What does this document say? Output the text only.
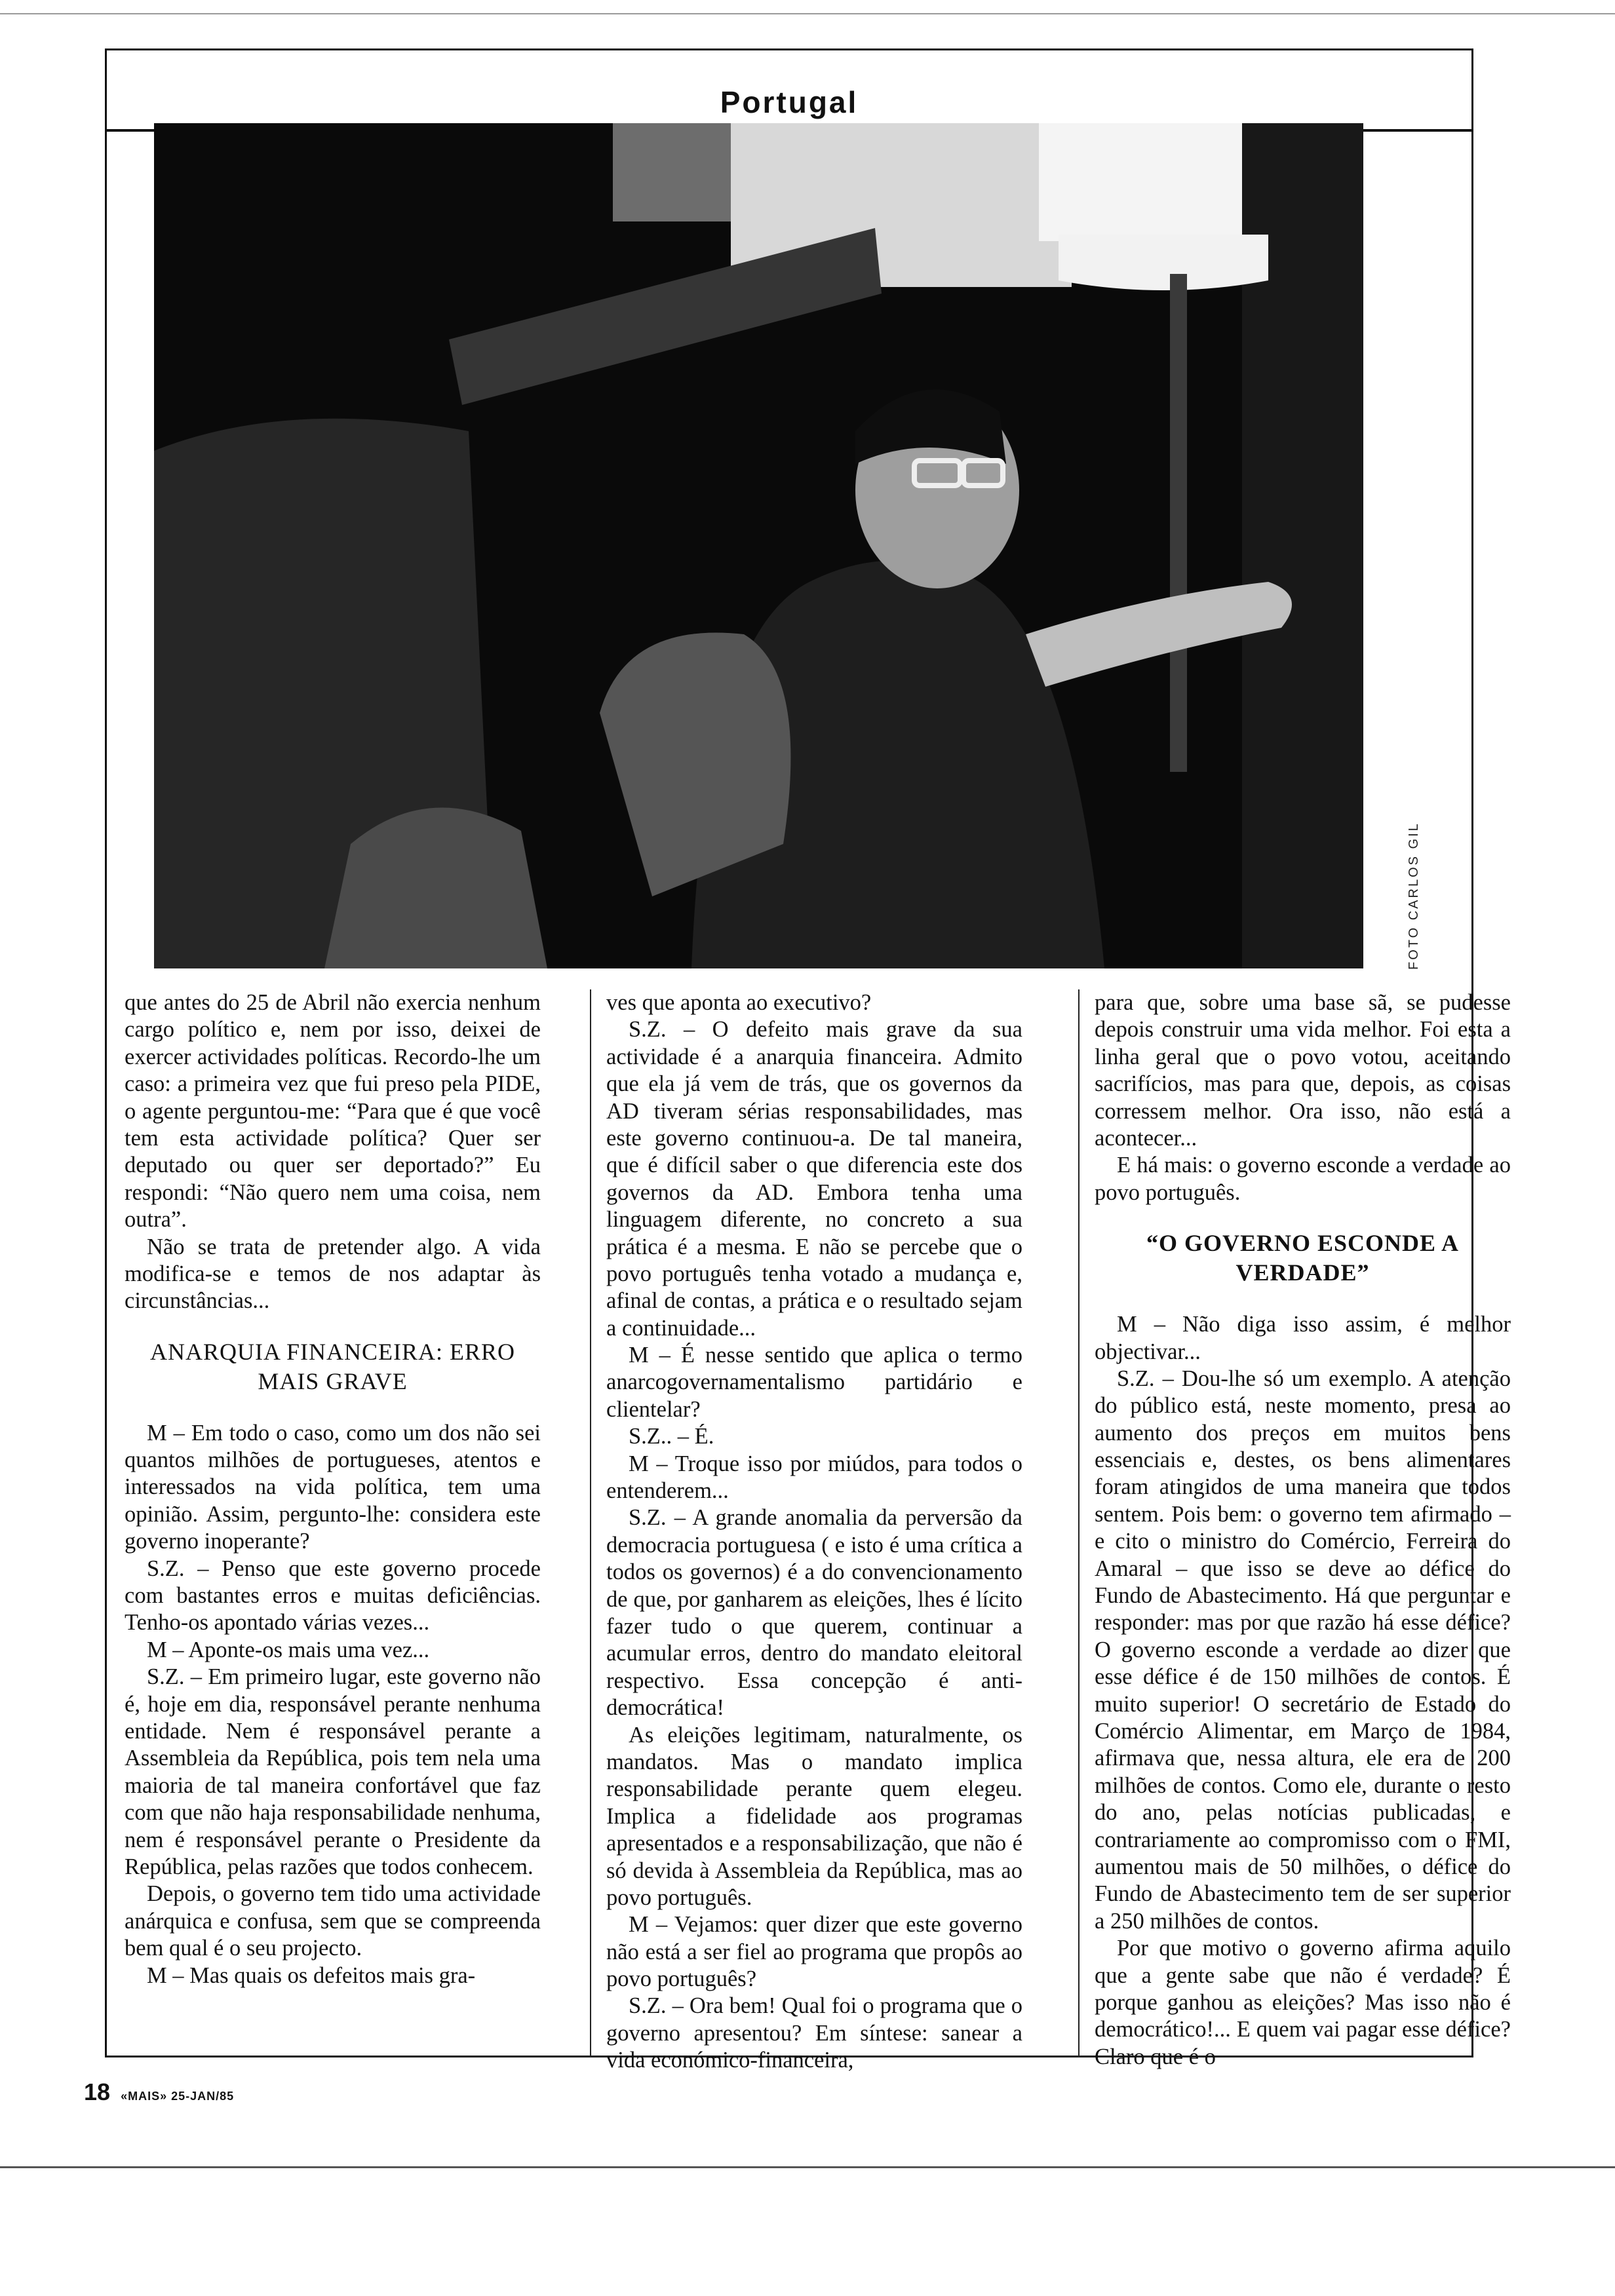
Portugal
FOTO CARLOS GIL

que antes do 25 de Abril não exercia nenhum cargo político e, nem por isso, deixei de exercer actividades políticas. Recordo-lhe um caso: a primeira vez que fui preso pela PIDE, o agente perguntou-me: “Para que é que você tem esta actividade política? Quer ser deputado ou quer ser deportado?” Eu respondi: “Não quero nem uma coisa, nem outra”.

Não se trata de pretender algo. A vida modifica-se e temos de nos adaptar às circunstâncias...

ANARQUIA FINANCEIRA: ERRO MAIS GRAVE

M – Em todo o caso, como um dos não sei quantos milhões de portugueses, atentos e interessados na vida política, tem uma opinião. Assim, pergunto-lhe: considera este governo inoperante?

S.Z. – Penso que este governo procede com bastantes erros e muitas deficiências. Tenho-os apontado várias vezes...

M – Aponte-os mais uma vez...

S.Z. – Em primeiro lugar, este governo não é, hoje em dia, responsável perante nenhuma entidade. Nem é responsável perante a Assembleia da República, pois tem nela uma maioria de tal maneira confortável que faz com que não haja responsabilidade nenhuma, nem é responsável perante o Presidente da República, pelas razões que todos conhecem.

Depois, o governo tem tido uma actividade anárquica e confusa, sem que se compreenda bem qual é o seu projecto.

M – Mas quais os defeitos mais gra-

ves que aponta ao executivo?

S.Z. – O defeito mais grave da sua actividade é a anarquia financeira. Admito que ela já vem de trás, que os governos da AD tiveram sérias responsabilidades, mas este governo continuou-a. De tal maneira, que é difícil saber o que diferencia este dos governos da AD. Embora tenha uma linguagem diferente, no concreto a sua prática é a mesma. E não se percebe que o povo português tenha votado a mudança e, afinal de contas, a prática e o resultado sejam a continuidade...

M – É nesse sentido que aplica o termo anarcogovernamentalismo partidário e clientelar?

S.Z.. – É.

M – Troque isso por miúdos, para todos o entenderem...

S.Z. – A grande anomalia da perversão da democracia portuguesa ( e isto é uma crítica a todos os governos) é a do convencionamento de que, por ganharem as eleições, lhes é lícito fazer tudo o que querem, continuar a acumular erros, dentro do mandato eleitoral respectivo. Essa concepção é anti-democrática!

As eleições legitimam, naturalmente, os mandatos. Mas o mandato implica responsabilidade perante quem elegeu. Implica a fidelidade aos programas apresentados e a responsabilização, que não é só devida à Assembleia da República, mas ao povo português.

M – Vejamos: quer dizer que este governo não está a ser fiel ao programa que propôs ao povo português?

S.Z. – Ora bem! Qual foi o programa que o governo apresentou? Em síntese: sanear a vida económico-financeira,

para que, sobre uma base sã, se pudesse depois construir uma vida melhor. Foi esta a linha geral que o povo votou, aceitando sacrifícios, mas para que, depois, as coisas corressem melhor. Ora isso, não está a acontecer...

E há mais: o governo esconde a verdade ao povo português.

“O GOVERNO ESCONDE A VERDADE”

M – Não diga isso assim, é melhor objectivar...

S.Z. – Dou-lhe só um exemplo. A atenção do público está, neste momento, presa ao aumento dos preços em muitos bens essenciais e, destes, os bens alimentares foram atingidos de uma maneira que todos sentem. Pois bem: o governo tem afirmado – e cito o ministro do Comércio, Ferreira do Amaral – que isso se deve ao défice do Fundo de Abastecimento. Há que perguntar e responder: mas por que razão há esse défice? O governo esconde a verdade ao dizer que esse défice é de 150 milhões de contos. É muito superior! O secretário de Estado do Comércio Alimentar, em Março de 1984, afirmava que, nessa altura, ele era de 200 milhões de contos. Como ele, durante o resto do ano, pelas notícias publicadas, e contrariamente ao compromisso com o FMI, aumentou mais de 50 milhões, o défice do Fundo de Abastecimento tem de ser superior a 250 milhões de contos.

Por que motivo o governo afirma aquilo que a gente sabe que não é verdade? É porque ganhou as eleições? Mas isso não é democrático!... E quem vai pagar esse défice? Claro que é o

18 «MAIS» 25-JAN/85
